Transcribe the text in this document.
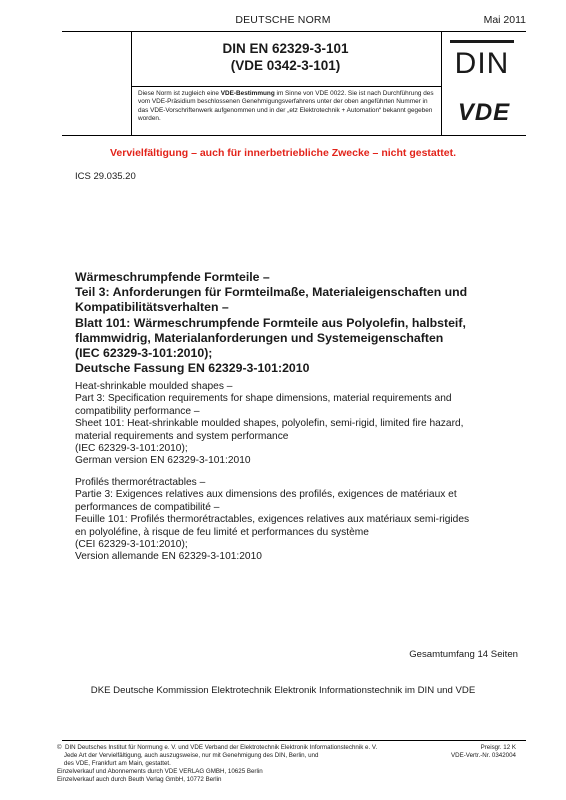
DEUTSCHE NORM	Mai 2011
DIN EN 62329-3-101
(VDE 0342-3-101)
Diese Norm ist zugleich eine VDE-Bestimmung im Sinne von VDE 0022. Sie ist nach Durchführung des vom VDE-Präsidium beschlossenen Genehmigungsverfahrens unter der oben angeführten Nummer in das VDE-Vorschriftenwerk aufgenommen und in der „etz Elektrotechnik + Automation“ bekannt gegeben worden.
DIN
VDE
Vervielfältigung – auch für innerbetriebliche Zwecke – nicht gestattet.
ICS 29.035.20
Wärmeschrumpfende Formteile –
Teil 3: Anforderungen für Formteilmaße, Materialeigenschaften und
Kompatibilitätsverhalten –
Blatt 101: Wärmeschrumpfende Formteile aus Polyolefin, halbsteif,
flammwidrig, Materialanforderungen und Systemeigenschaften
(IEC 62329-3-101:2010);
Deutsche Fassung EN 62329-3-101:2010
Heat-shrinkable moulded shapes –
Part 3: Specification requirements for shape dimensions, material requirements and
compatibility performance –
Sheet 101: Heat-shrinkable moulded shapes, polyolefin, semi-rigid, limited fire hazard,
material requirements and system performance
(IEC 62329-3-101:2010);
German version EN 62329-3-101:2010
Profilés thermorétractables –
Partie 3: Exigences relatives aux dimensions des profilés, exigences de matériaux et
performances de compatibilité –
Feuille 101: Profilés thermorétractables, exigences relatives aux matériaux semi-rigides
en polyoléfine, à risque de feu limité et performances du système
(CEI 62329-3-101:2010);
Version allemande EN 62329-3-101:2010
Gesamtumfang 14 Seiten
DKE Deutsche Kommission Elektrotechnik Elektronik Informationstechnik im DIN und VDE
©  DIN Deutsches Institut für Normung e. V. und VDE Verband der Elektrotechnik Elektronik Informationstechnik e. V.
Jede Art der Vervielfältigung, auch auszugsweise, nur mit Genehmigung des DIN, Berlin, und
des VDE, Frankfurt am Main, gestattet.
Einzelverkauf und Abonnements durch VDE VERLAG GMBH, 10625 Berlin
Einzelverkauf auch durch Beuth Verlag GmbH, 10772 Berlin
Preisgr. 12 K
VDE-Vertr.-Nr. 0342004
